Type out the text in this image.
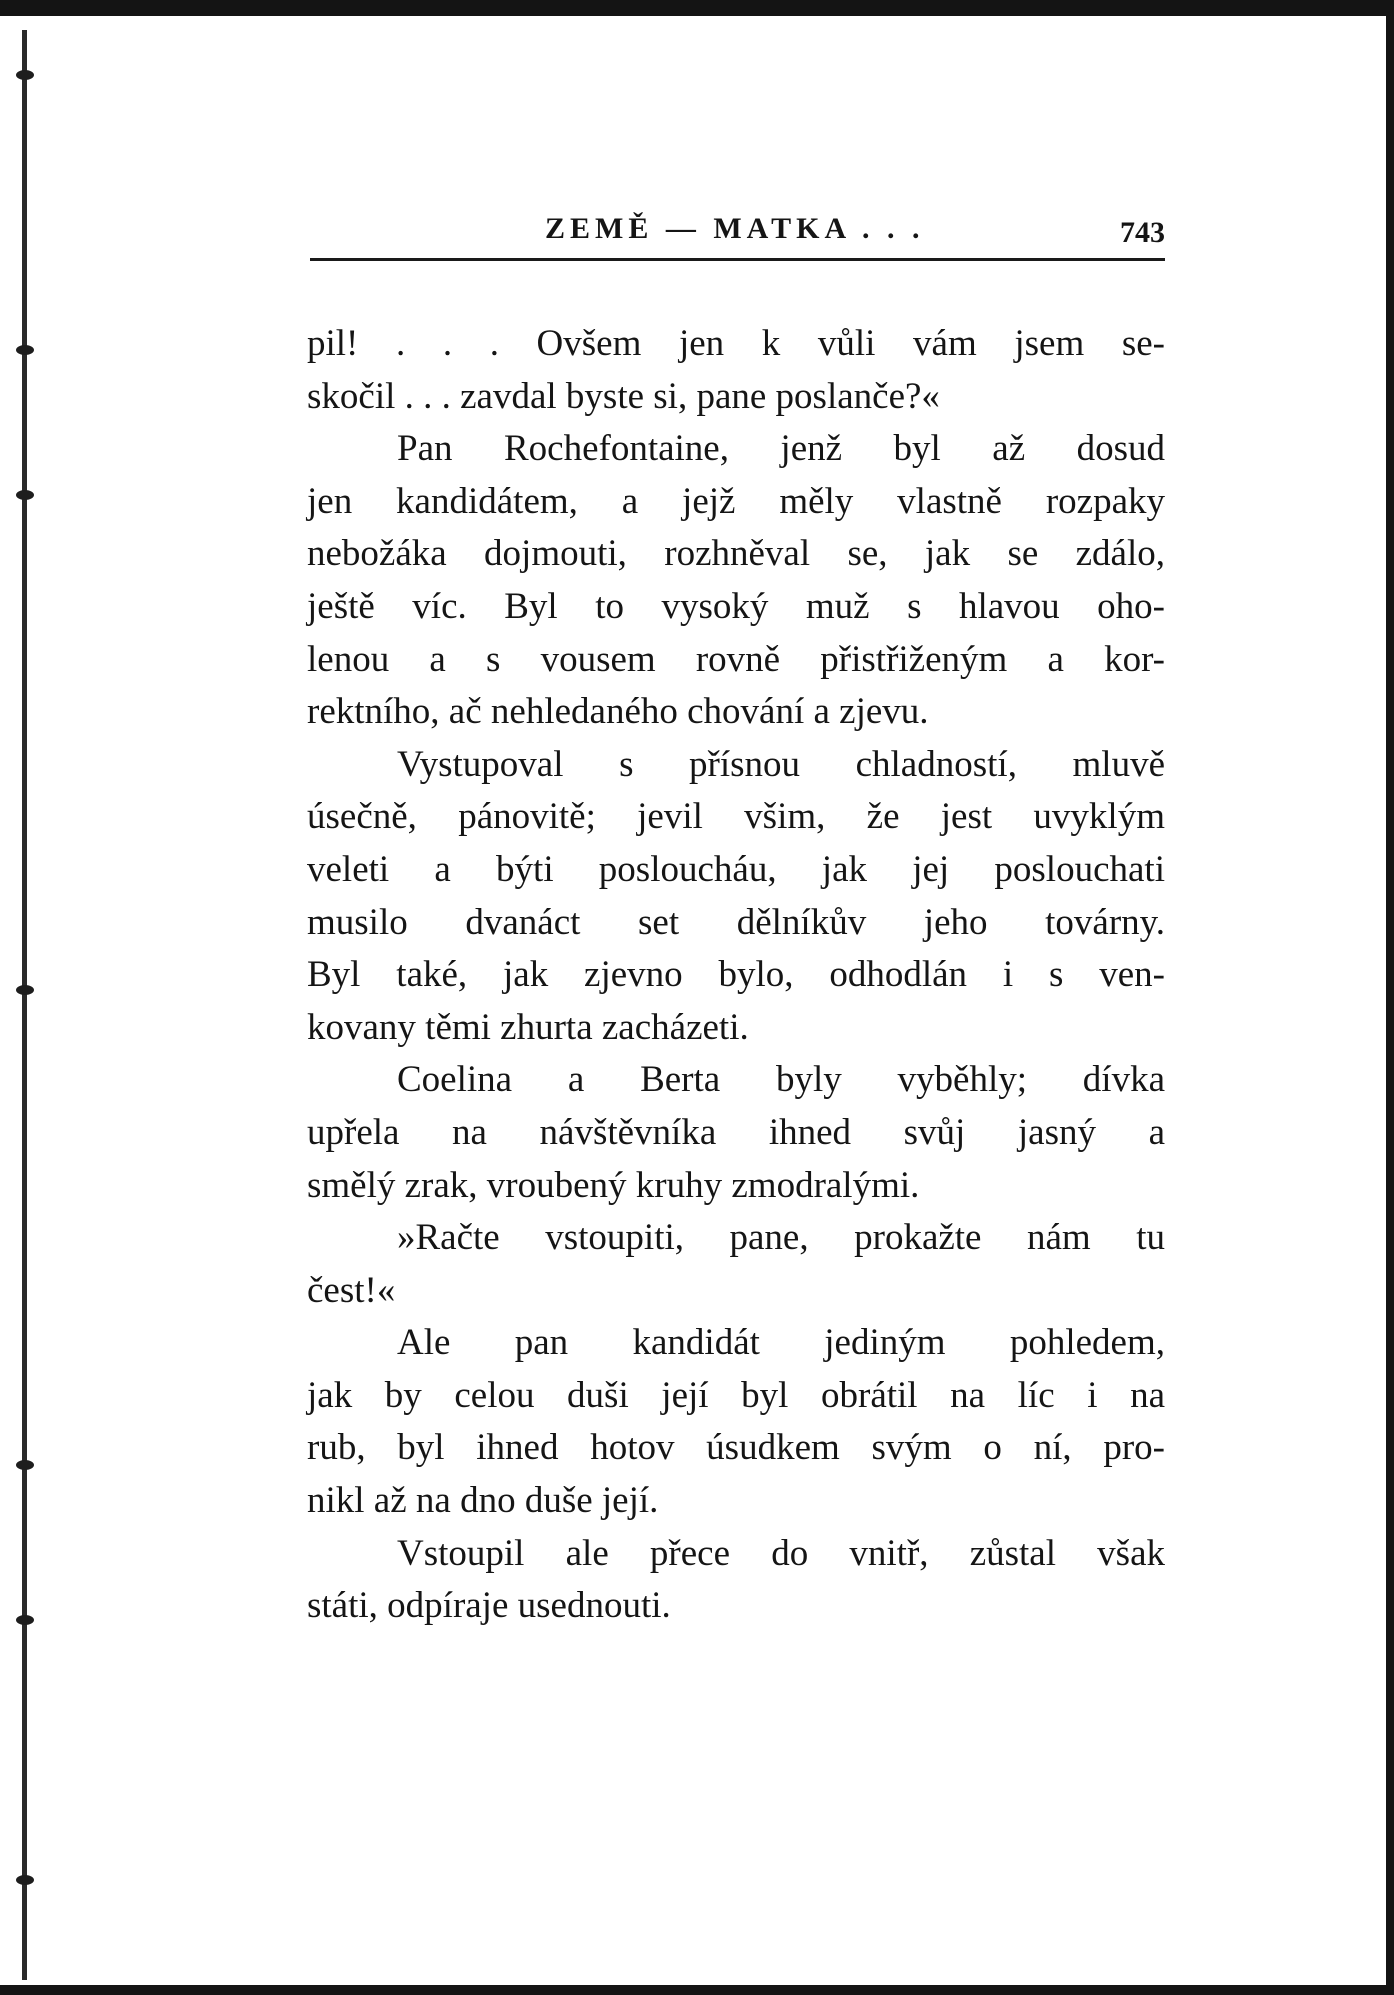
ZEMĚ — MATKA . . .	743
pil! . . . Ovšem jen k vůli vám jsem se-
skočil . . . zavdal byste si, pane poslanče?«
Pan Rochefontaine, jenž byl až dosud
jen kandidátem, a jejž měly vlastně rozpaky
nebožáka dojmouti, rozhněval se, jak se zdálo,
ještě víc. Byl to vysoký muž s hlavou oho-
lenou a s vousem rovně přistřiženým a kor-
rektního, ač nehledaného chování a zjevu.
Vystupoval s přísnou chladností, mluvě
úsečně, pánovitě; jevil všim, že jest uvyklým
veleti a býti posloucháu, jak jej poslouchati
musilo dvanáct set dělníkův jeho továrny.
Byl také, jak zjevno bylo, odhodlán i s ven-
kovany těmi zhurta zacházeti.
Coelina a Berta byly vyběhly; dívka
upřela na návštěvníka ihned svůj jasný a
smělý zrak, vroubený kruhy zmodralými.
»Račte vstoupiti, pane, prokažte nám tu
čest!«
Ale pan kandidát jediným pohledem,
jak by celou duši její byl obrátil na líc i na
rub, byl ihned hotov úsudkem svým o ní, pro-
nikl až na dno duše její.
Vstoupil ale přece do vnitř, zůstal však
státi, odpíraje usednouti.
